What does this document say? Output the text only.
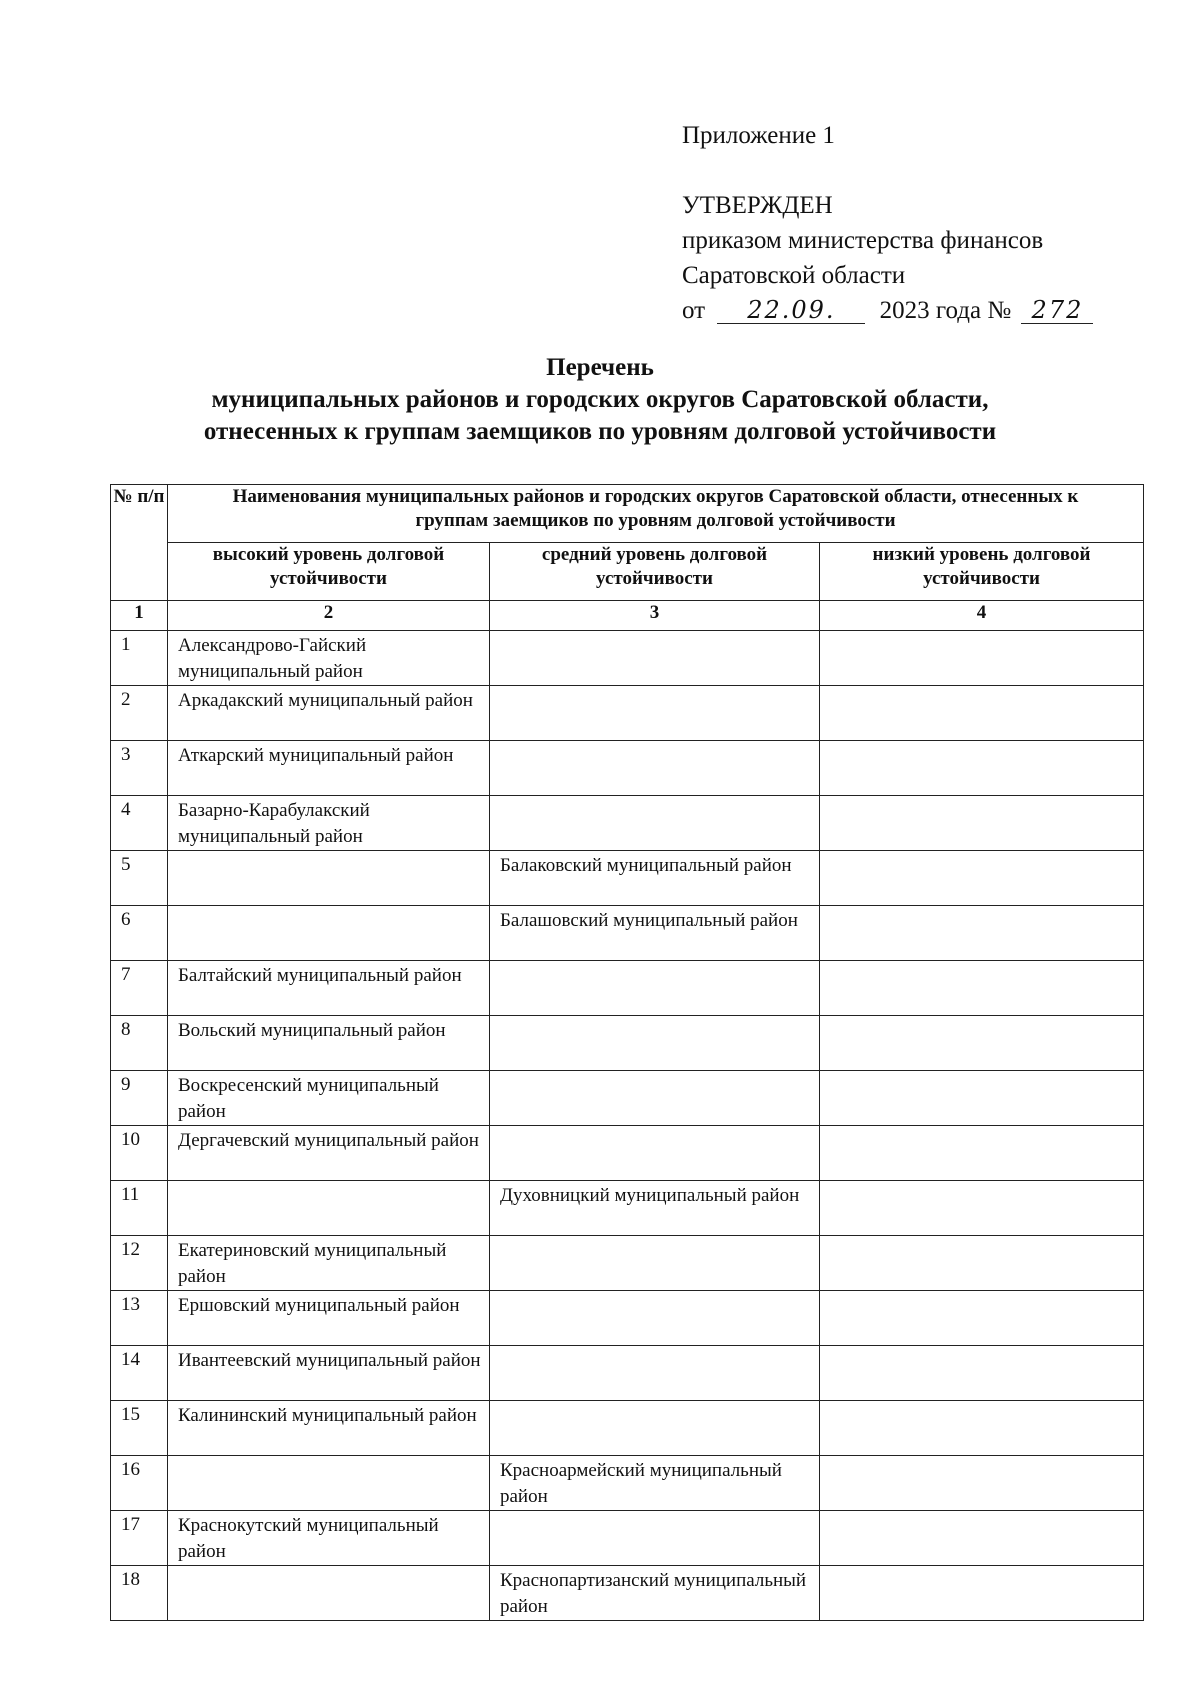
Приложение 1
УТВЕРЖДЕН
приказом министерства финансов
Саратовской области
от 22.09. 2023 года № 272
Перечень
муниципальных районов и городских округов Саратовской области,
отнесенных к группам заемщиков по уровням долговой устойчивости
№ п/п	Наименования муниципальных районов и городских округов Саратовской области, отнесенных к группам заемщиков по уровням долговой устойчивости		
	высокий уровень долговой устойчивости	средний уровень долговой устойчивости	низкий уровень долговой устойчивости
1	2	3	4
1	Александрово-Гайский муниципальный район		
2	Аркадакский муниципальный район		
3	Аткарский муниципальный район		
4	Базарно-Карабулакский муниципальный район		
5		Балаковский муниципальный район	
6		Балашовский муниципальный район	
7	Балтайский муниципальный район		
8	Вольский муниципальный район		
9	Воскресенский муниципальный район		
10	Дергачевский муниципальный район		
11		Духовницкий муниципальный район	
12	Екатериновский муниципальный район		
13	Ершовский муниципальный район		
14	Ивантеевский муниципальный район		
15	Калининский муниципальный район		
16		Красноармейский муниципальный район	
17	Краснокутский муниципальный район		
18		Краснопартизанский муниципальный район	
